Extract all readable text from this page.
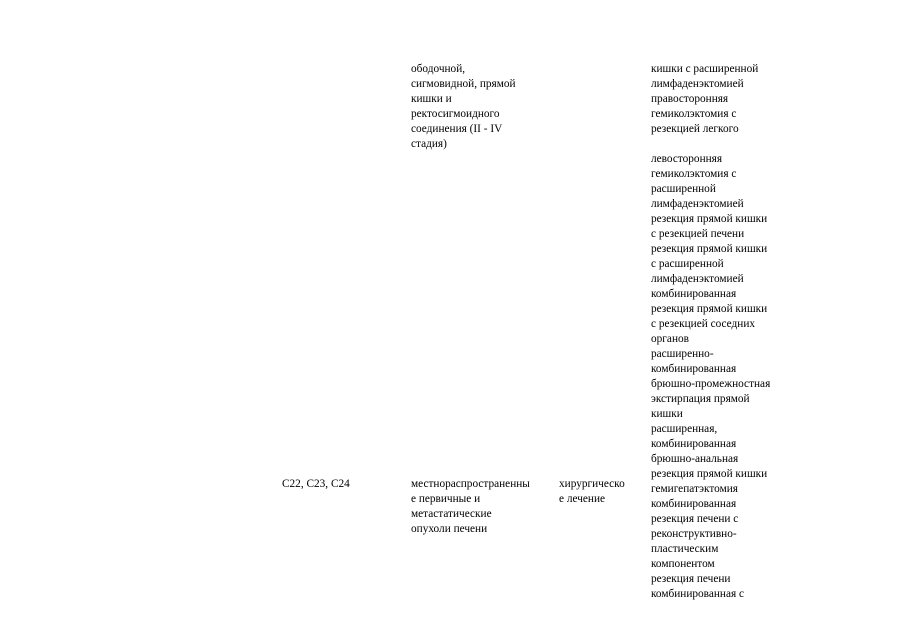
ободочной,
сигмовидной, прямой
кишки и
ректосигмоидного
соединения (II - IV
стадия)
кишки с расширенной
лимфаденэктомией
правосторонняя
гемиколэктомия с
резекцией легкого
левосторонняя
гемиколэктомия с
расширенной
лимфаденэктомией
резекция прямой кишки
с резекцией печени
резекция прямой кишки
с расширенной
лимфаденэктомией
комбинированная
резекция прямой кишки
с резекцией соседних
органов
расширенно-
комбинированная
брюшно-промежностная
экстирпация прямой
кишки
расширенная,
комбинированная
брюшно-анальная
резекция прямой кишки
C22, C23, C24	местнораспространенны
е первичные и
метастатические
опухоли печени
хирургическо
е лечение
гемигепатэктомия
комбинированная
резекция печени с
реконструктивно-
пластическим
компонентом
резекция печени
комбинированная с
